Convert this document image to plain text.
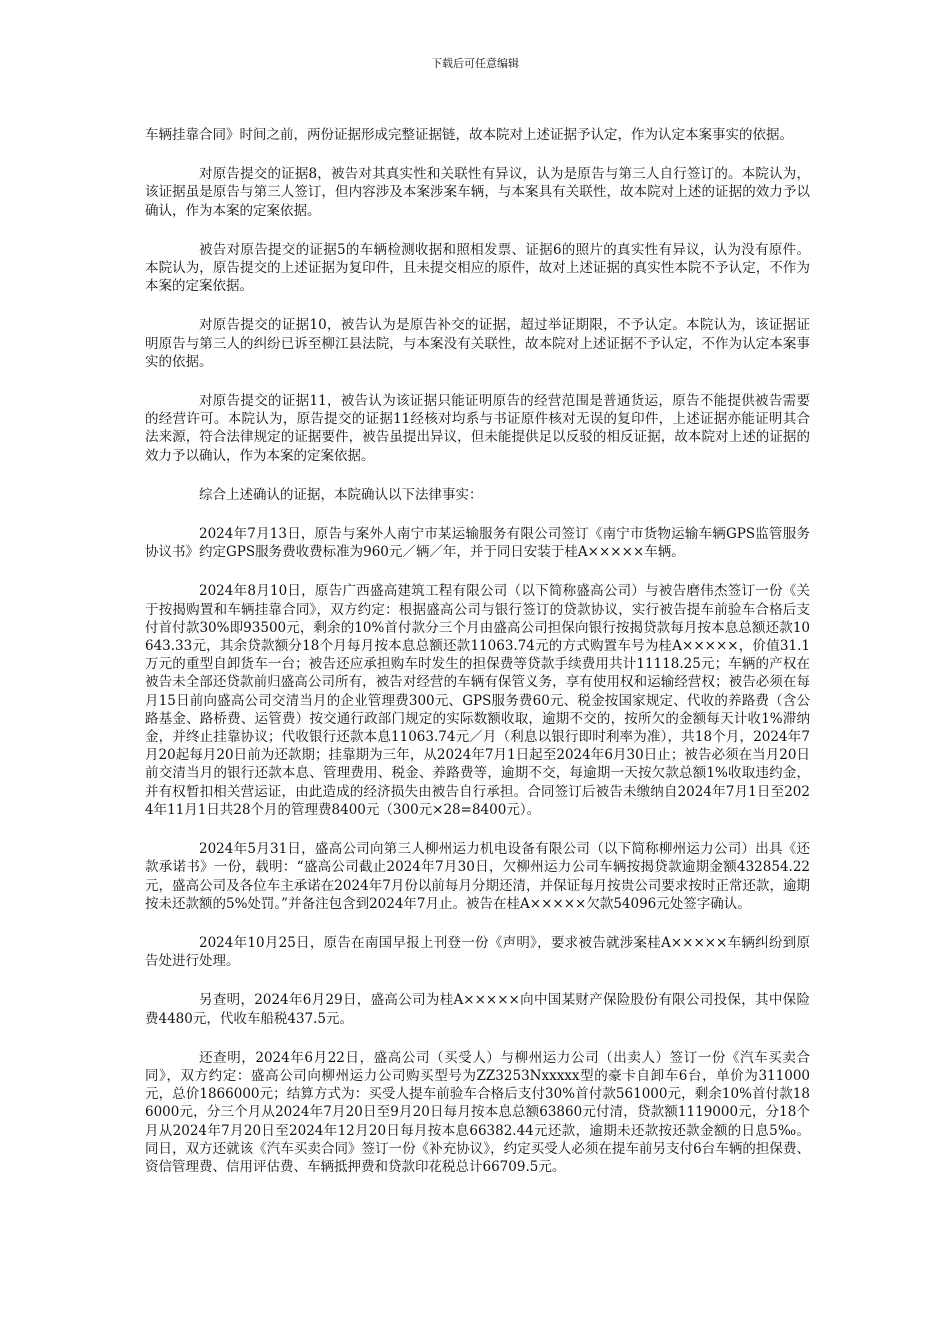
下载后可任意编辑

车辆挂靠合同》时间之前，两份证据形成完整证据链，故本院对上述证据予认定，作为认定本案事实的依据。

对原告提交的证据8，被告对其真实性和关联性有异议，认为是原告与第三人自行签订的。本院认为，该证据虽是原告与第三人签订，但内容涉及本案涉案车辆，与本案具有关联性，故本院对上述的证据的效力予以确认，作为本案的定案依据。

被告对原告提交的证据5的车辆检测收据和照相发票、证据6的照片的真实性有异议，认为没有原件。本院认为，原告提交的上述证据为复印件，且未提交相应的原件，故对上述证据的真实性本院不予认定，不作为本案的定案依据。

对原告提交的证据10，被告认为是原告补交的证据，超过举证期限，不予认定。本院认为，该证据证明原告与第三人的纠纷已诉至柳江县法院，与本案没有关联性，故本院对上述证据不予认定，不作为认定本案事实的依据。

对原告提交的证据11，被告认为该证据只能证明原告的经营范围是普通货运，原告不能提供被告需要的经营许可。本院认为，原告提交的证据11经核对均系与书证原件核对无误的复印件，上述证据亦能证明其合法来源，符合法律规定的证据要件，被告虽提出异议，但未能提供足以反驳的相反证据，故本院对上述的证据的效力予以确认，作为本案的定案依据。

综合上述确认的证据，本院确认以下法律事实：

2024年7月13日，原告与案外人南宁市某运输服务有限公司签订《南宁市货物运输车辆GPS监管服务协议书》约定GPS服务费收费标准为960元／辆／年，并于同日安装于桂A×××××车辆。

2024年8月10日，原告广西盛高建筑工程有限公司（以下简称盛高公司）与被告磨伟杰签订一份《关于按揭购置和车辆挂靠合同》，双方约定：根据盛高公司与银行签订的贷款协议，实行被告提车前验车合格后支付首付款30%即93500元，剩余的10%首付款分三个月由盛高公司担保向银行按揭贷款每月按本息总额还款10643.33元，其余贷款额分18个月每月按本息总额还款11063.74元的方式购置车号为桂A×××××，价值31.1万元的重型自卸货车一台；被告还应承担购车时发生的担保费等贷款手续费用共计11118.25元；车辆的产权在被告未全部还贷款前归盛高公司所有，被告对经营的车辆有保管义务，享有使用权和运输经营权；被告必须在每月15日前向盛高公司交清当月的企业管理费300元、GPS服务费60元、税金按国家规定、代收的养路费（含公路基金、路桥费、运管费）按交通行政部门规定的实际数额收取，逾期不交的，按所欠的金额每天计收1%滞纳金，并终止挂靠协议；代收银行还款本息11063.74元／月（利息以银行即时利率为准），共18个月，2024年7月20起每月20日前为还款期；挂靠期为三年，从2024年7月1日起至2024年6月30日止；被告必须在当月20日前交清当月的银行还款本息、管理费用、税金、养路费等，逾期不交，每逾期一天按欠款总额1%收取违约金，并有权暂扣相关营运证，由此造成的经济损失由被告自行承担。合同签订后被告未缴纳自2024年7月1日至2024年11月1日共28个月的管理费8400元（300元×28=8400元）。

2024年5月31日，盛高公司向第三人柳州运力机电设备有限公司（以下简称柳州运力公司）出具《还款承诺书》一份，载明：“盛高公司截止2024年7月30日，欠柳州运力公司车辆按揭贷款逾期金额432854.22元，盛高公司及各位车主承诺在2024年7月份以前每月分期还清，并保证每月按贵公司要求按时正常还款，逾期按未还款额的5%处罚。”并备注包含到2024年7月止。被告在桂A×××××欠款54096元处签字确认。

2024年10月25日，原告在南国早报上刊登一份《声明》，要求被告就涉案桂A×××××车辆纠纷到原告处进行处理。

另查明，2024年6月29日，盛高公司为桂A×××××向中国某财产保险股份有限公司投保，其中保险费4480元，代收车船税437.5元。

还查明，2024年6月22日，盛高公司（买受人）与柳州运力公司（出卖人）签订一份《汽车买卖合同》，双方约定：盛高公司向柳州运力公司购买型号为ZZ3253Nxxxxx型的豪卡自卸车6台，单价为311000元，总价1866000元；结算方式为：买受人提车前验车合格后支付30%首付款561000元，剩余10%首付款186000元，分三个月从2024年7月20日至9月20日每月按本息总额63860元付清，贷款额1119000元，分18个月从2024年7月20日至2024年12月20日每月按本息66382.44元还款，逾期未还款按还款金额的日息5‰。同日，双方还就该《汽车买卖合同》签订一份《补充协议》，约定买受人必须在提车前另支付6台车辆的担保费、资信管理费、信用评估费、车辆抵押费和贷款印花税总计66709.5元。
